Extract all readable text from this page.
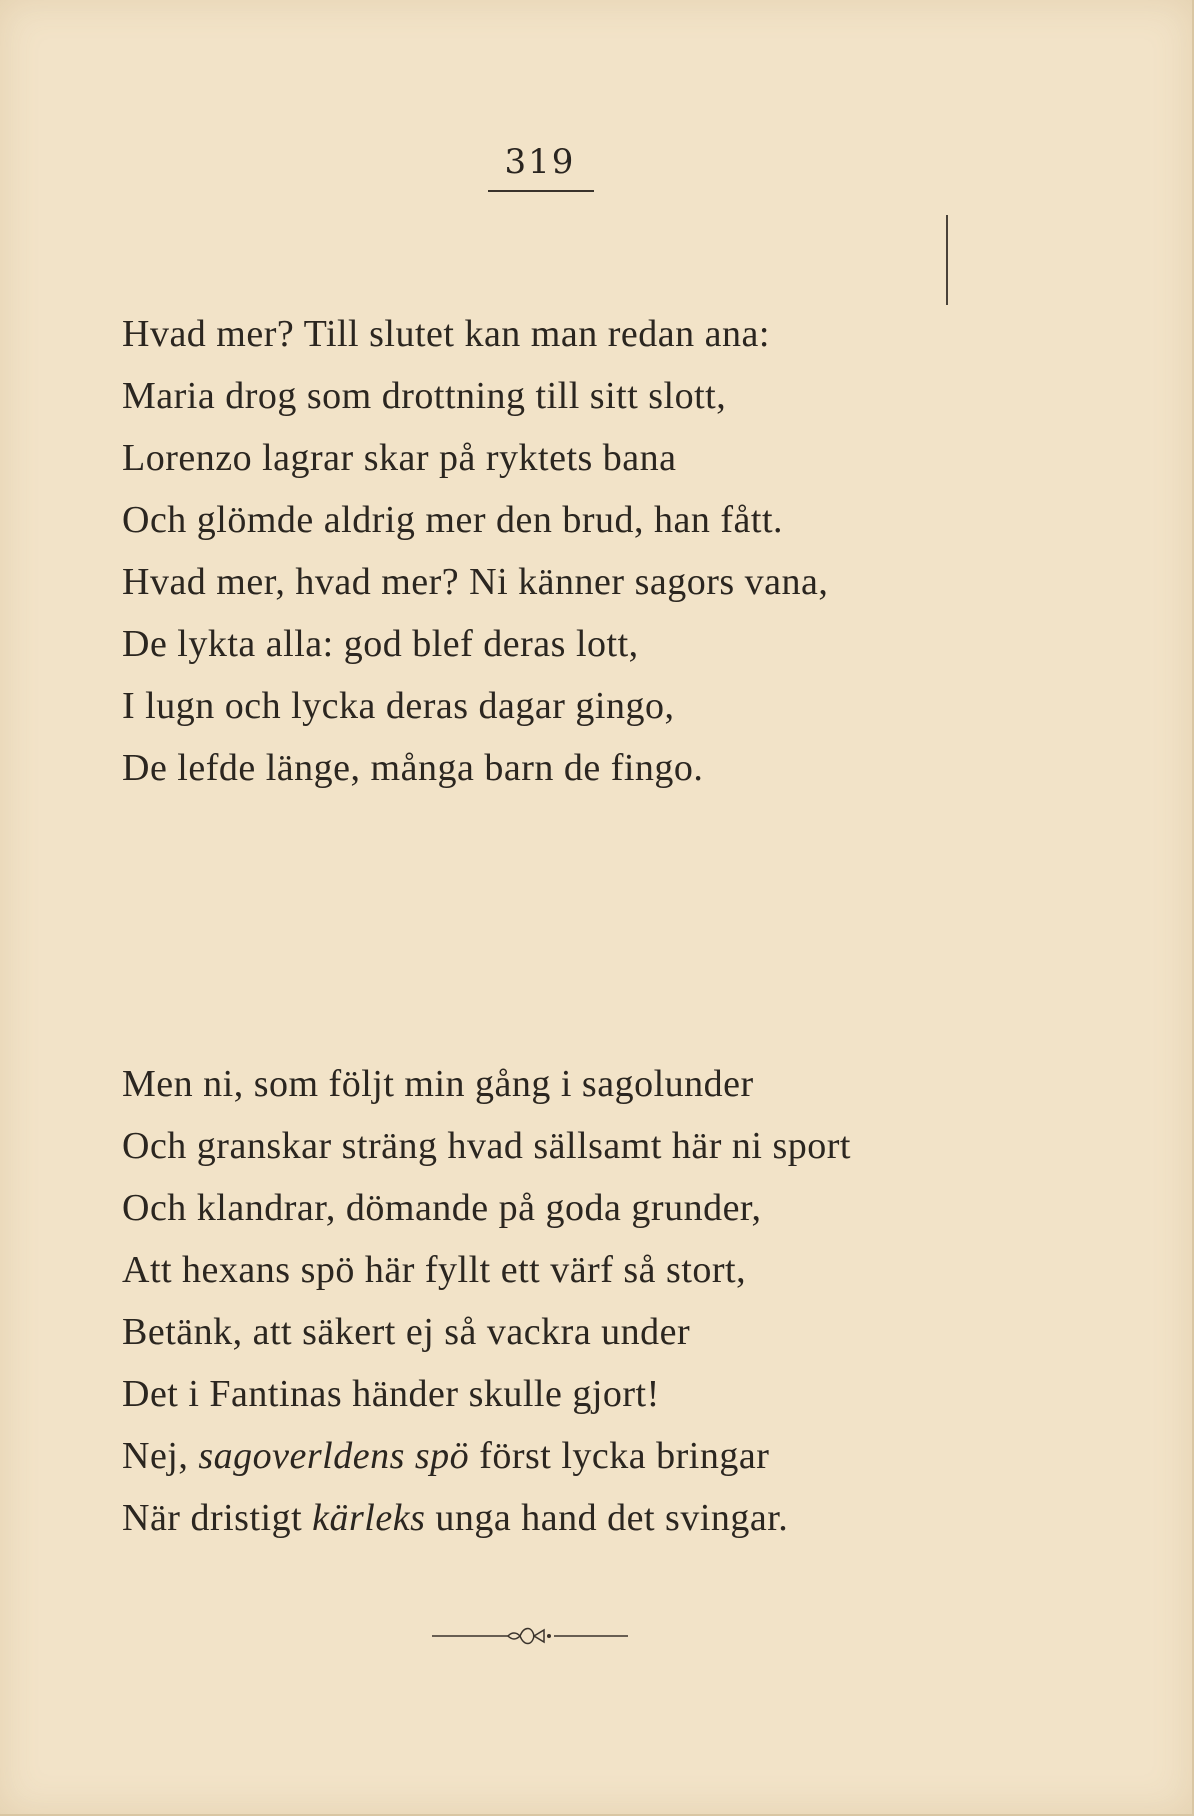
319
Hvad mer? Till slutet kan man redan ana:
Maria drog som drottning till sitt slott,
Lorenzo lagrar skar på ryktets bana
Och glömde aldrig mer den brud, han fått.
Hvad mer, hvad mer? Ni känner sagors vana,
De lykta alla: god blef deras lott,
I lugn och lycka deras dagar gingo,
De lefde länge, många barn de fingo.
Men ni, som följt min gång i sagolunder
Och granskar sträng hvad sällsamt här ni sport
Och klandrar, dömande på goda grunder,
Att hexans spö här fyllt ett värf så stort,
Betänk, att säkert ej så vackra under
Det i Fantinas händer skulle gjort!
Nej, sagoverldens spö först lycka bringar
När dristigt kärleks unga hand det svingar.
